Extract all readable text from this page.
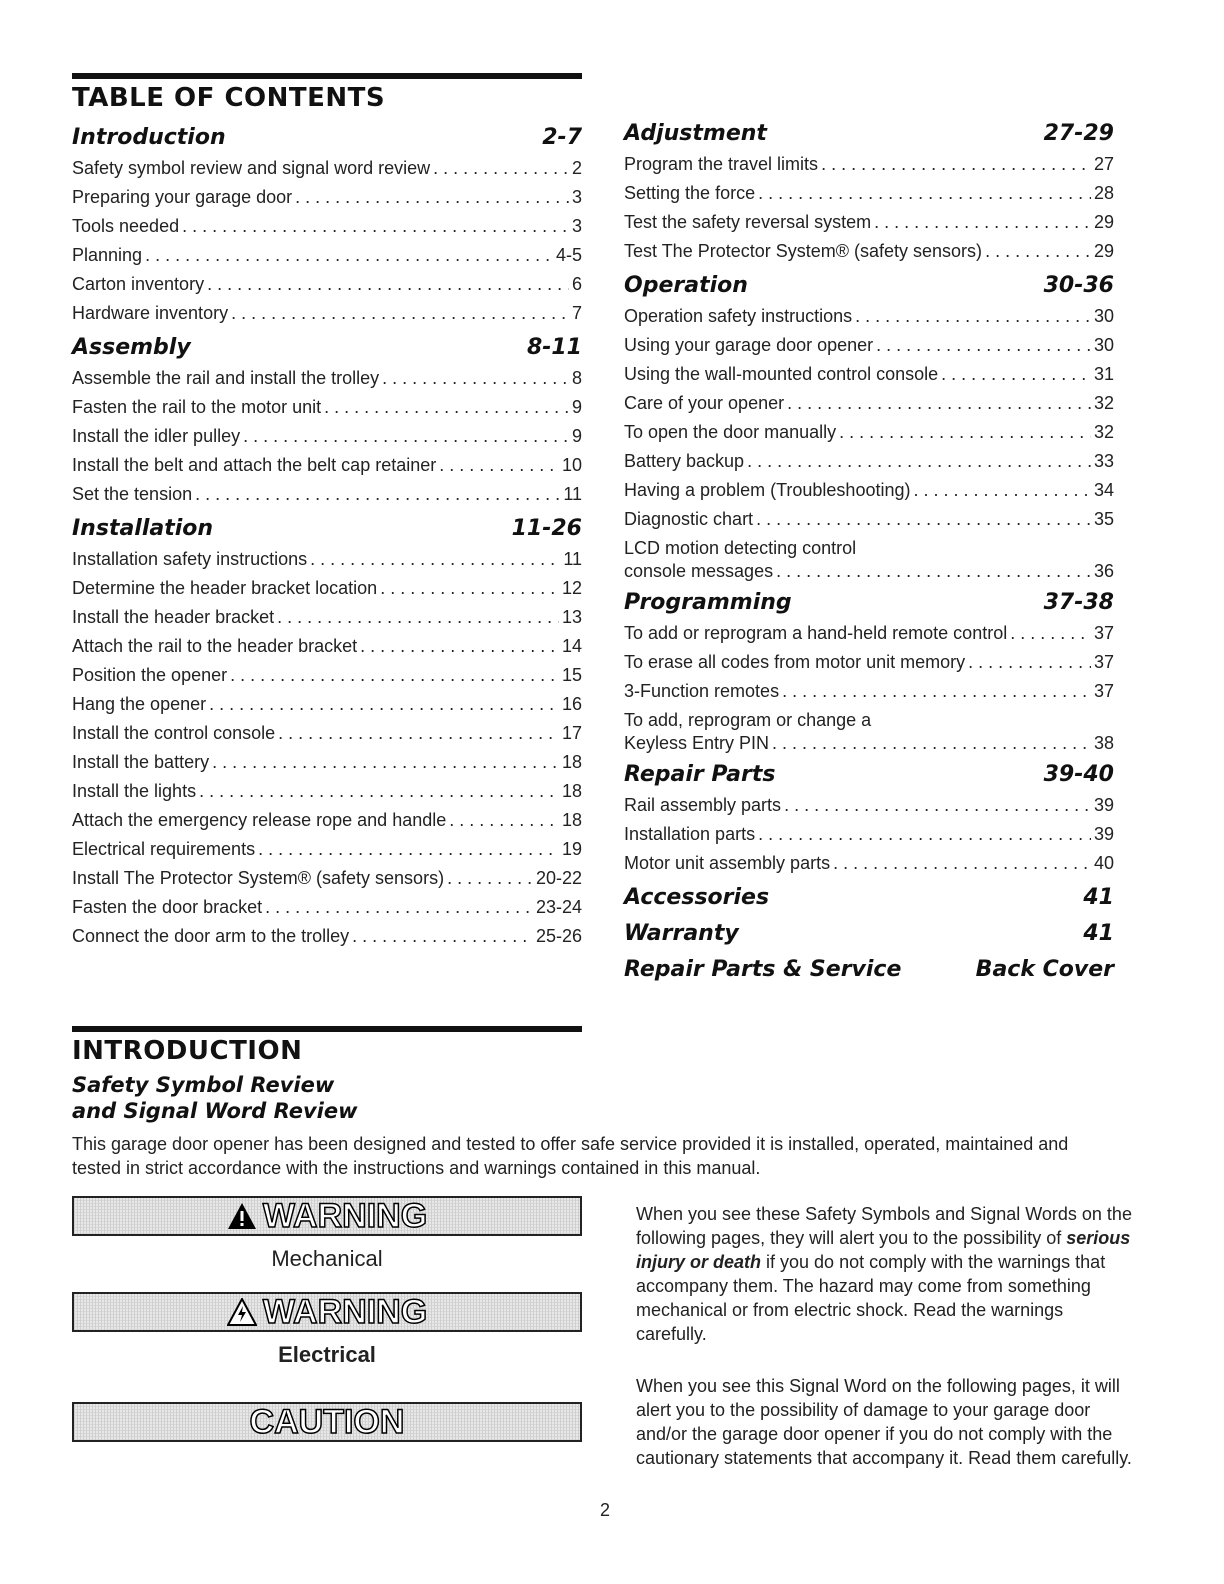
TABLE OF CONTENTS
Introduction	2-7
Safety symbol review and signal word review . . .	2
Preparing your garage door . . .	3
Tools needed . . .	3
Planning . . .	4-5
Carton inventory . . .	6
Hardware inventory . . .	7
Assembly	8-11
Assemble the rail and install the trolley . . .	8
Fasten the rail to the motor unit . . .	9
Install the idler pulley . . .	9
Install the belt and attach the belt cap retainer . . .	10
Set the tension . . .	11
Installation	11-26
Installation safety instructions . . .	11
Determine the header bracket location . . .	12
Install the header bracket . . .	13
Attach the rail to the header bracket . . .	14
Position the opener . . .	15
Hang the opener . . .	16
Install the control console . . .	17
Install the battery . . .	18
Install the lights . . .	18
Attach the emergency release rope and handle . . .	18
Electrical requirements . . .	19
Install The Protector System® (safety sensors) . . .	20-22
Fasten the door bracket . . .	23-24
Connect the door arm to the trolley . . .	25-26
Adjustment	27-29
Program the travel limits . . .	27
Setting the force . . .	28
Test the safety reversal system . . .	29
Test The Protector System® (safety sensors) . . .	29
Operation	30-36
Operation safety instructions . . .	30
Using your garage door opener . . .	30
Using the wall-mounted control console . . .	31
Care of your opener . . .	32
To open the door manually . . .	32
Battery backup . . .	33
Having a problem (Troubleshooting) . . .	34
Diagnostic chart . . .	35
LCD motion detecting control
console messages . . .	36
Programming	37-38
To add or reprogram a hand-held remote control . . .	37
To erase all codes from motor unit memory . . .	37
3-Function remotes . . .	37
To add, reprogram or change a
Keyless Entry PIN . . .	38
Repair Parts	39-40
Rail assembly parts . . .	39
Installation parts . . .	39
Motor unit assembly parts . . .	40
Accessories	41
Warranty	41
Repair Parts & Service	Back Cover
INTRODUCTION
Safety Symbol Review
and Signal Word Review
This garage door opener has been designed and tested to offer safe service provided it is installed, operated, maintained and tested in strict accordance with the instructions and warnings contained in this manual.
WARNING
Mechanical
WARNING
Electrical
CAUTION
When you see these Safety Symbols and Signal Words on the following pages, they will alert you to the possibility of serious injury or death if you do not comply with the warnings that accompany them. The hazard may come from something mechanical or from electric shock. Read the warnings carefully.
When you see this Signal Word on the following pages, it will alert you to the possibility of damage to your garage door and/or the garage door opener if you do not comply with the cautionary statements that accompany it. Read them carefully.
2
